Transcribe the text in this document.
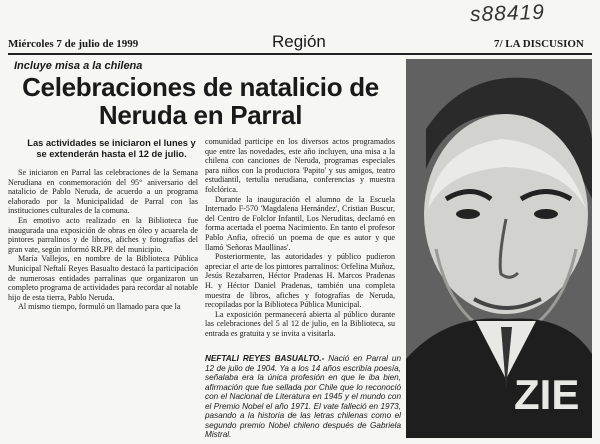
s88419
Miércoles 7 de julio de 1999	Región	7/ LA DISCUSION
Incluye misa a la chilena
Celebraciones de natalicio de
Neruda en Parral
Las actividades se iniciaron el lunes y se extenderán hasta el 12 de julio.

Se iniciaron en Parral las celebraciones de la Semana Nerudiana en conmemoración del 95° aniversario del natalicio de Pablo Neruda, de acuerdo a un programa elaborado por la Municipalidad de Parral con las instituciones culturales de la comuna.

En emotivo acto realizado en la Biblioteca fue inaugurada una exposición de obras en óleo y acuarela de pintores parralinos y de libros, afiches y fotografías del gran vate, según informó RR.PP. del municipio.

María Vallejos, en nombre de la Biblioteca Pública Municipal Neftalí Reyes Basualto destacó la participación de numerosas entidades parralinas que organizaron un completo programa de actividades para recordar al notable hijo de esta tierra, Pablo Neruda.

Al mismo tiempo, formuló un llamado para que la

comunidad participe en los diversos actos programados que entre las novedades, este año incluyen, una misa a la chilena con canciones de Neruda, programas especiales para niños con la productora 'Papito' y sus amigos, teatro estudiantil, tertulia nerudiana, conferencias y muestra folclórica.

Durante la inauguración el alumno de la Escuela Internado F-570 'Magdalena Hernández', Cristian Buscur, del Centro de Folclor Infantil, Los Neruditas, declamó en forma acertada el poema Nacimiento. En tanto el profesor Pablo Anfia, ofreció un poema de que es autor y que llamó 'Señoras Maullinas'.

Posteriormente, las autoridades y público pudieron apreciar el arte de los pintores parralinos: Orfelina Muñoz, Jesús Rezabarren, Héctor Pradenas H. Marcos Pradenas H. y Héctor Daniel Pradenas, también una completa muestra de libros, afiches y fotografías de Neruda, recopiladas por la Biblioteca Pública Municipal.

La exposición permanecerá abierta al público durante las celebraciones del 5 al 12 de julio, en la Biblioteca, su entrada es gratuita y se invita a visitarla.

ZIE
NEFTALI REYES BASUALTO.- Nació en Parral un 12 de julio de 1904. Ya a los 14 años escribía poesía, señalaba era la única profesión en que le iba bien, afirmación que fue sellada por Chile que lo reconoció con el Nacional de Literatura en 1945 y el mundo con el Premio Nobel el año 1971. El vate falleció en 1973, pasando a la historia de las letras chilenas como el segundo premio Nobel chileno después de Gabriela Mistral.
